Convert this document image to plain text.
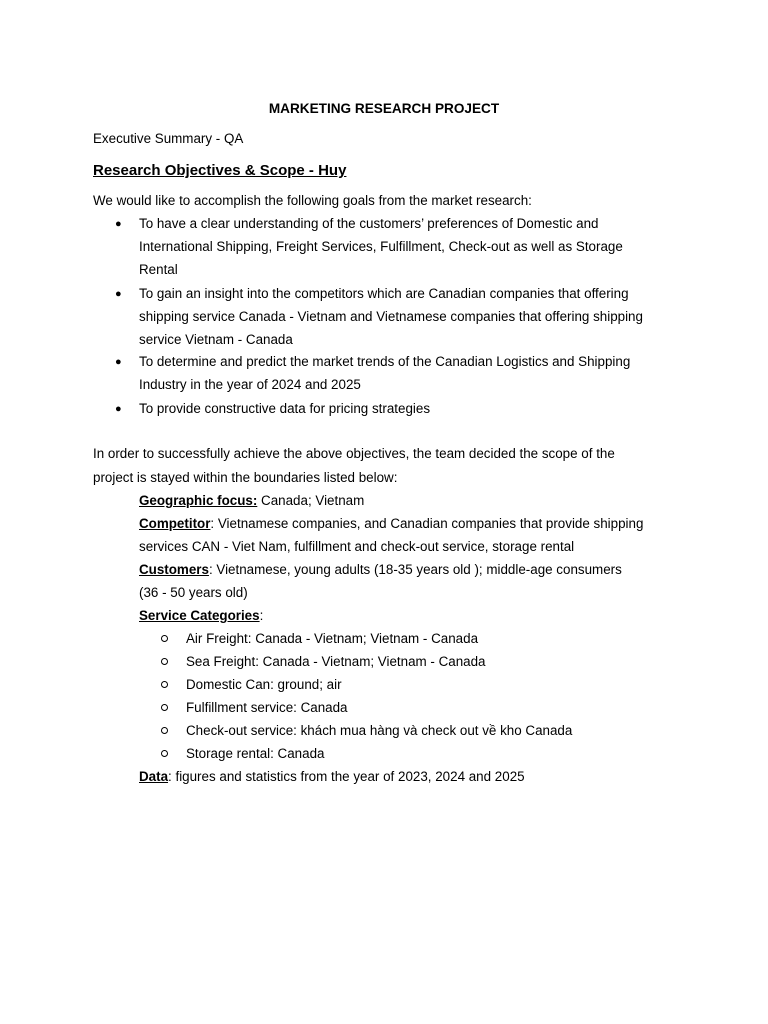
MARKETING RESEARCH PROJECT
Executive Summary - QA
Research Objectives & Scope - Huy
We would like to accomplish the following goals from the market research:
● To have a clear understanding of the customers’ preferences of Domestic and
International Shipping, Freight Services, Fulfillment, Check-out as well as Storage
Rental
● To gain an insight into the competitors which are Canadian companies that offering
shipping service Canada - Vietnam and Vietnamese companies that offering shipping
service Vietnam - Canada
● To determine and predict the market trends of the Canadian Logistics and Shipping
Industry in the year of 2024 and 2025
● To provide constructive data for pricing strategies
In order to successfully achieve the above objectives, the team decided the scope of the
project is stayed within the boundaries listed below:
Geographic focus: Canada; Vietnam
Competitor: Vietnamese companies, and Canadian companies that provide shipping
services CAN - Viet Nam, fulfillment and check-out service, storage rental
Customers: Vietnamese, young adults (18-35 years old ); middle-age consumers
(36 - 50 years old)
Service Categories:
Air Freight: Canada - Vietnam; Vietnam - Canada
Sea Freight: Canada - Vietnam; Vietnam - Canada
Domestic Can: ground; air
Fulfillment service: Canada
Check-out service: khách mua hàng và check out về kho Canada
Storage rental: Canada
Data: figures and statistics from the year of 2023, 2024 and 2025
